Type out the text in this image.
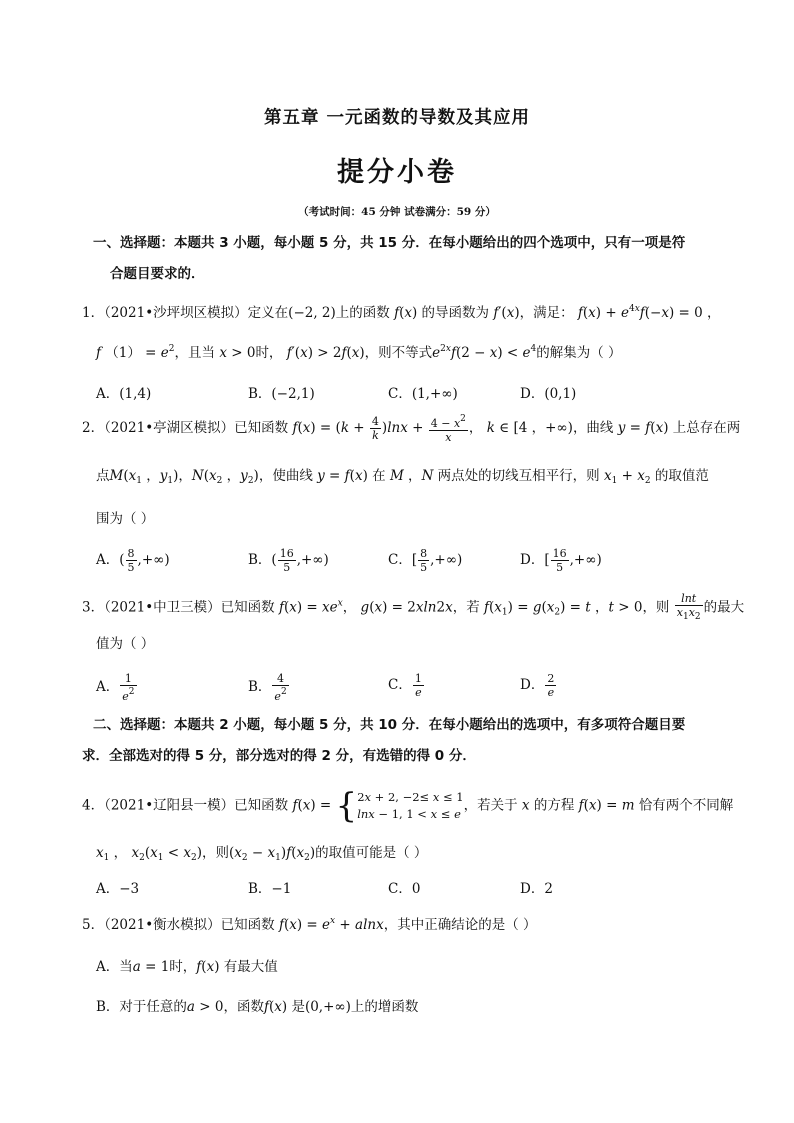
第五章 一元函数的导数及其应用
提分小卷
（考试时间：45 分钟 试卷满分：59 分）
一、选择题：本题共 3 小题，每小题 5 分，共 15 分．在每小题给出的四个选项中，只有一项是符
合题目要求的．
1．（2021•沙坪坝区模拟）定义在(−2, 2)上的函数 f(x) 的导函数为 f′(x)，满足： $f(x) + e^{4x}f(-x) = 0$ ，
f $(1) = e^2$，且当 x > 0时， f′(x) > 2f(x)，则不等式$e^{2x}f(2 - x) < e^4$的解集为（ ）
A．(1,4)	B．(−2,1)	C．(1,+∞)	D．(0,1)
2．（2021•亭湖区模拟）已知函数 $f(x) = (k + \frac{4}{k} )\ln x + \frac{4 - x^2}{x}$ ， k ∈ [4 ，+∞)，曲线 y = f(x) 上总存在两
点$M(x_1$ ，$y_1$)，$N(x_2$ ，$y_2$)，使曲线 y = f(x) 在 M ，N 两点处的切线互相平行，则 $x_1 + x_2$ 的取值范
围为（ ）
A．( $\frac{8}{5}$ ,+∞)	B．( $\frac{16}{5}$ ,+∞)	C．[ $\frac{8}{5}$ ,+∞)	D．[ $\frac{16}{5}$ ,+∞)
3．（2021•中卫三模）已知函数 $f(x) = xe^x$， g(x) = 2xln2x，若 $f(x_1) = g(x_2) = t$ ，t > 0，则 $\frac{\ln t}{x_1x_2}$ 的最大
值为（ ）
A． $\frac{1}{e^2}$	B． $\frac{4}{e^2}$	C． $\frac{1}{e}$	D． $\frac{2}{e}$
二、选择题：本题共 2 小题，每小题 5 分，共 10 分．在每小题给出的选项中，有多项符合题目要
求．全部选对的得 5 分，部分选对的得 2 分，有选错的得 0 分．
4．（2021•辽阳县一模）已知函数 f(x) = {2x + 2, −2≤ x ≤ 1
lnx − 1, 1 < x ≤ e，若关于 x 的方程 f(x) = m 恰有两个不同解
$x_1$ ， $x_2(x_1 < x_2)$，则$(x_2 - x_1)f(x_2)$的取值可能是（ ）
A．−3	B．−1	C．0	D．2
5．（2021•衡水模拟）已知函数 $f(x) = e^x + alnx$，其中正确结论的是（ ）
A．当a = 1时，f(x) 有最大值
B．对于任意的a > 0，函数f(x) 是(0,+∞)上的增函数
